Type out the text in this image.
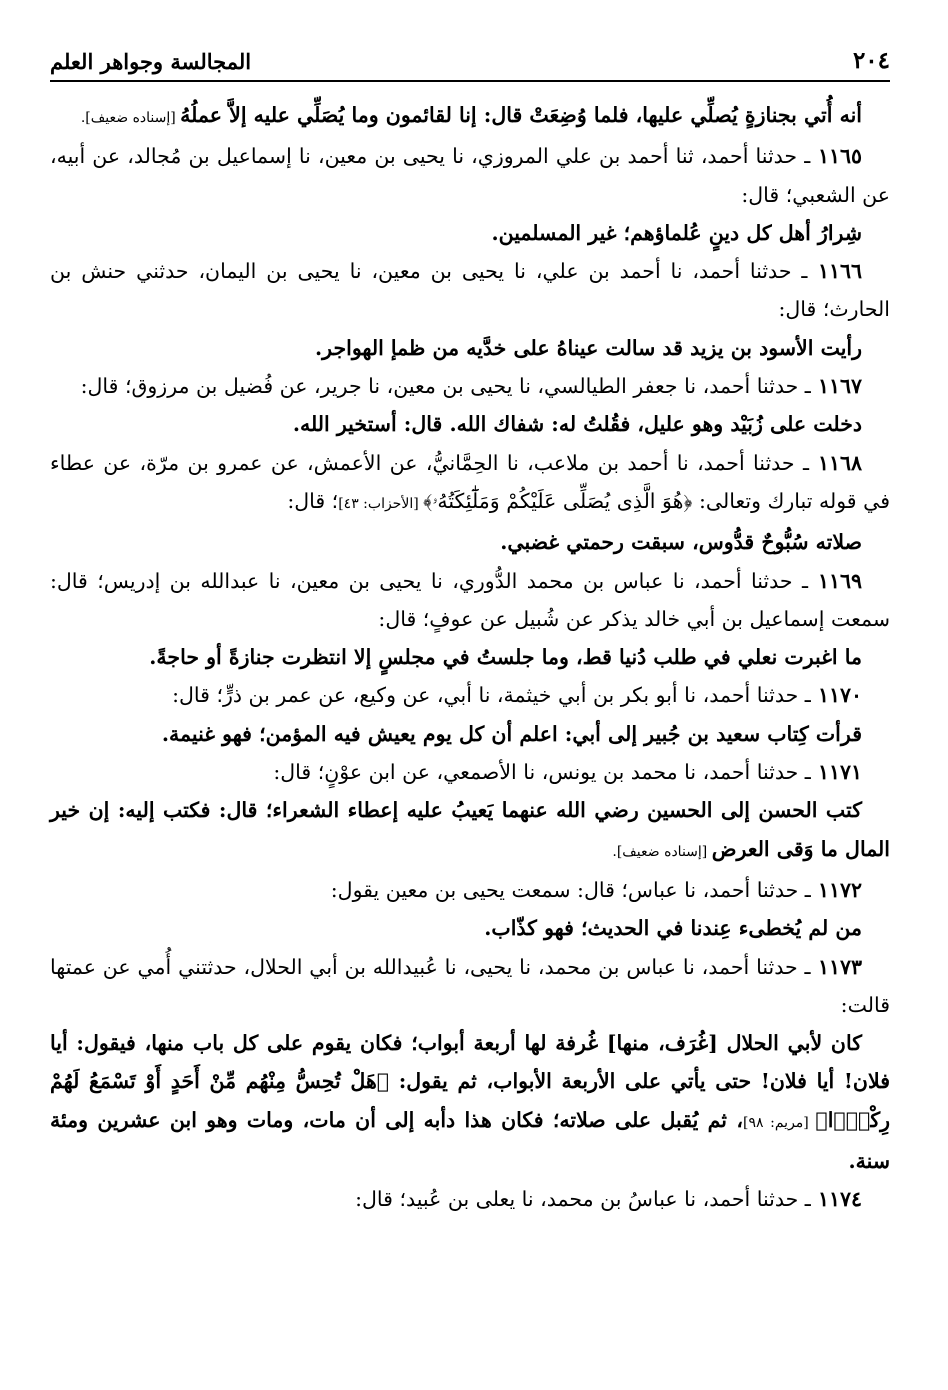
٢٠٤
المجالسة وجواهر العلم

أنه أُتي بجنازةٍ يُصلِّي عليها، فلما وُضِعَتْ قال: إنا لقائمون وما يُصَلِّي عليه إلاَّ عملُهُ [إسناده ضعيف].

١١٦٥ ـ حدثنا أحمد، ثنا أحمد بن علي المروزي، نا يحيى بن معين، نا إسماعيل بن مُجالد، عن أبيه، عن الشعبي؛ قال:

شِرارُ أهل كل دينٍ عُلماؤهم؛ غير المسلمين.

١١٦٦ ـ حدثنا أحمد، نا أحمد بن علي، نا يحيى بن معين، نا يحيى بن اليمان، حدثني حنش بن الحارث؛ قال:

رأيت الأسود بن يزيد قد سالت عيناهُ على خدَّيه من ظمإ الهواجر.

١١٦٧ ـ حدثنا أحمد، نا جعفر الطيالسي، نا يحيى بن معين، نا جرير، عن فُضيل بن مرزوق؛ قال:

دخلت على زُبَيْد وهو عليل، فقُلتُ له: شفاك الله. قال: أستخير الله.

١١٦٨ ـ حدثنا أحمد، نا أحمد بن ملاعب، نا الحِمَّانيُّ، عن الأعمش، عن عمرو بن مرّة، عن عطاء في قوله تبارك وتعالى: ﴿هُوَ الَّذِى يُصَلِّى عَلَيْكُمْ وَمَلَٰٓئِكَتُهُۥ﴾ [الأحزاب: ٤٣]؛ قال:

صلاته سُبُّوحٌ قدُّوس، سبقت رحمتي غضبي.

١١٦٩ ـ حدثنا أحمد، نا عباس بن محمد الدُّوري، نا يحيى بن معين، نا عبدالله بن إدريس؛ قال: سمعت إسماعيل بن أبي خالد يذكر عن شُبيل عن عوفٍ؛ قال:

ما اغبرت نعلي في طلب دُنيا قط، وما جلستُ في مجلسٍ إلا انتظرت جنازةً أو حاجةً.

١١٧٠ ـ حدثنا أحمد، نا أبو بكر بن أبي خيثمة، نا أبي، عن وكيع، عن عمر بن ذرٍّ؛ قال:

قرأت كِتاب سعيد بن جُبير إلى أبي: اعلم أن كل يوم يعيش فيه المؤمن؛ فهو غنيمة.

١١٧١ ـ حدثنا أحمد، نا محمد بن يونس، نا الأصمعي، عن ابن عوْنٍ؛ قال:

كتب الحسن إلى الحسين رضي الله عنهما يَعيبُ عليه إعطاء الشعراء؛ قال: فكتب إليه: إن خير المال ما وَقى العرض [إسناده ضعيف].

١١٧٢ ـ حدثنا أحمد، نا عباس؛ قال: سمعت يحيى بن معين يقول:

من لم يُخطىء عِندنا في الحديث؛ فهو كذّاب.

١١٧٣ ـ حدثنا أحمد، نا عباس بن محمد، نا يحيى، نا عُبيدالله بن أبي الحلال، حدثتني أُمي عن عمتها قالت:

كان لأبي الحلال [غُرَف، منها] غُرفة لها أربعة أبواب؛ فكان يقوم على كل باب منها، فيقول: أيا فلان! أيا فلان! حتى يأتي على الأربعة الأبواب، ثم يقول: ﴿هَلْ تُحِسُّ مِنْهُم مِّنْ أَحَدٍ أَوْ تَسْمَعُ لَهُمْ رِكْزًۢا﴾ [مريم: ٩٨]، ثم يُقبل على صلاته؛ فكان هذا دأبه إلى أن مات، ومات وهو ابن عشرين ومئة سنة.

١١٧٤ ـ حدثنا أحمد، نا عباسُ بن محمد، نا يعلى بن عُبيد؛ قال:
